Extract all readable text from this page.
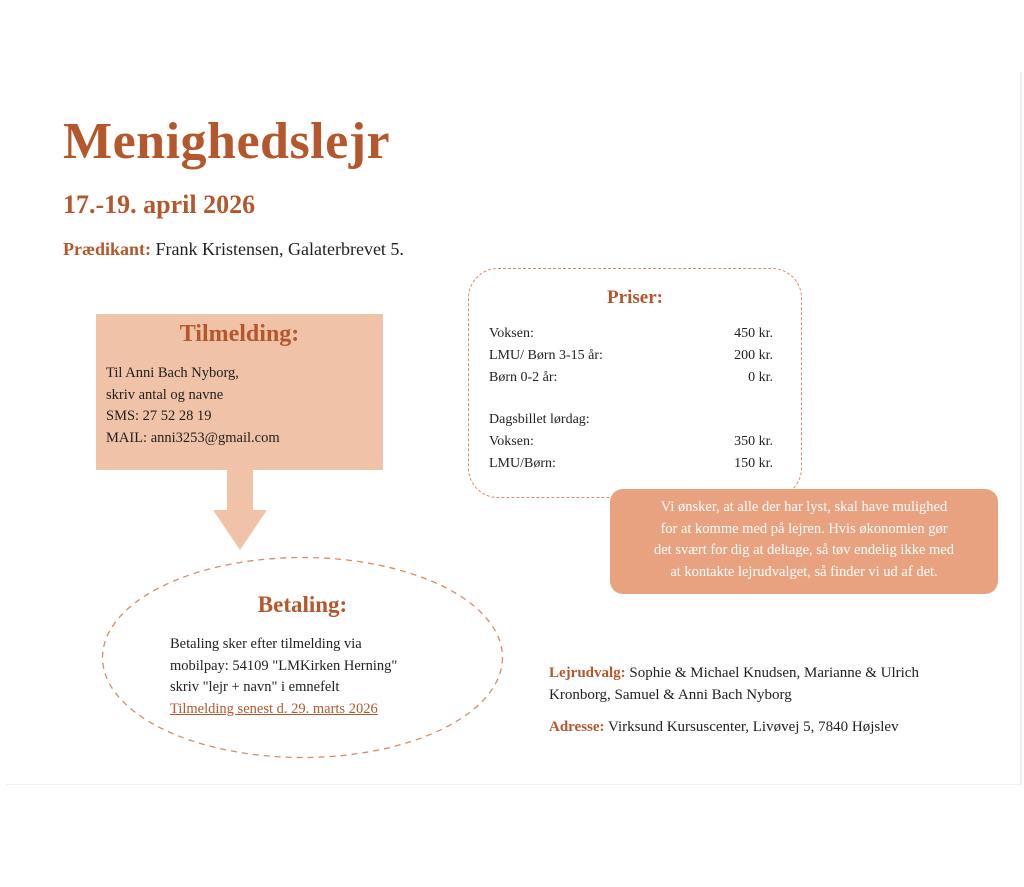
Menighedslejr
17.-19. april 2026
Prædikant: Frank Kristensen, Galaterbrevet 5.
Tilmelding:
Til Anni Bach Nyborg,
skriv antal og navne
SMS: 27 52 28 19
MAIL: anni3253@gmail.com
Betaling:
Betaling sker efter tilmelding via
mobilpay: 54109 "LMKirken Herning"
skriv "lejr + navn" i emnefelt
Tilmelding senest d. 29. marts 2026
Priser:
Voksen:	450 kr.
LMU/ Børn 3-15 år:	200 kr.
Børn 0-2 år:	0 kr.
Dagsbillet lørdag:
Voksen:	350 kr.
LMU/Børn:	150 kr.
Vi ønsker, at alle der har lyst, skal have mulighed
for at komme med på lejren. Hvis økonomien gør
det svært for dig at deltage, så tøv endelig ikke med
at kontakte lejrudvalget, så finder vi ud af det.
Lejrudvalg: Sophie & Michael Knudsen, Marianne & Ulrich
Kronborg, Samuel & Anni Bach Nyborg
Adresse: Virksund Kursuscenter, Livøvej 5, 7840 Højslev
